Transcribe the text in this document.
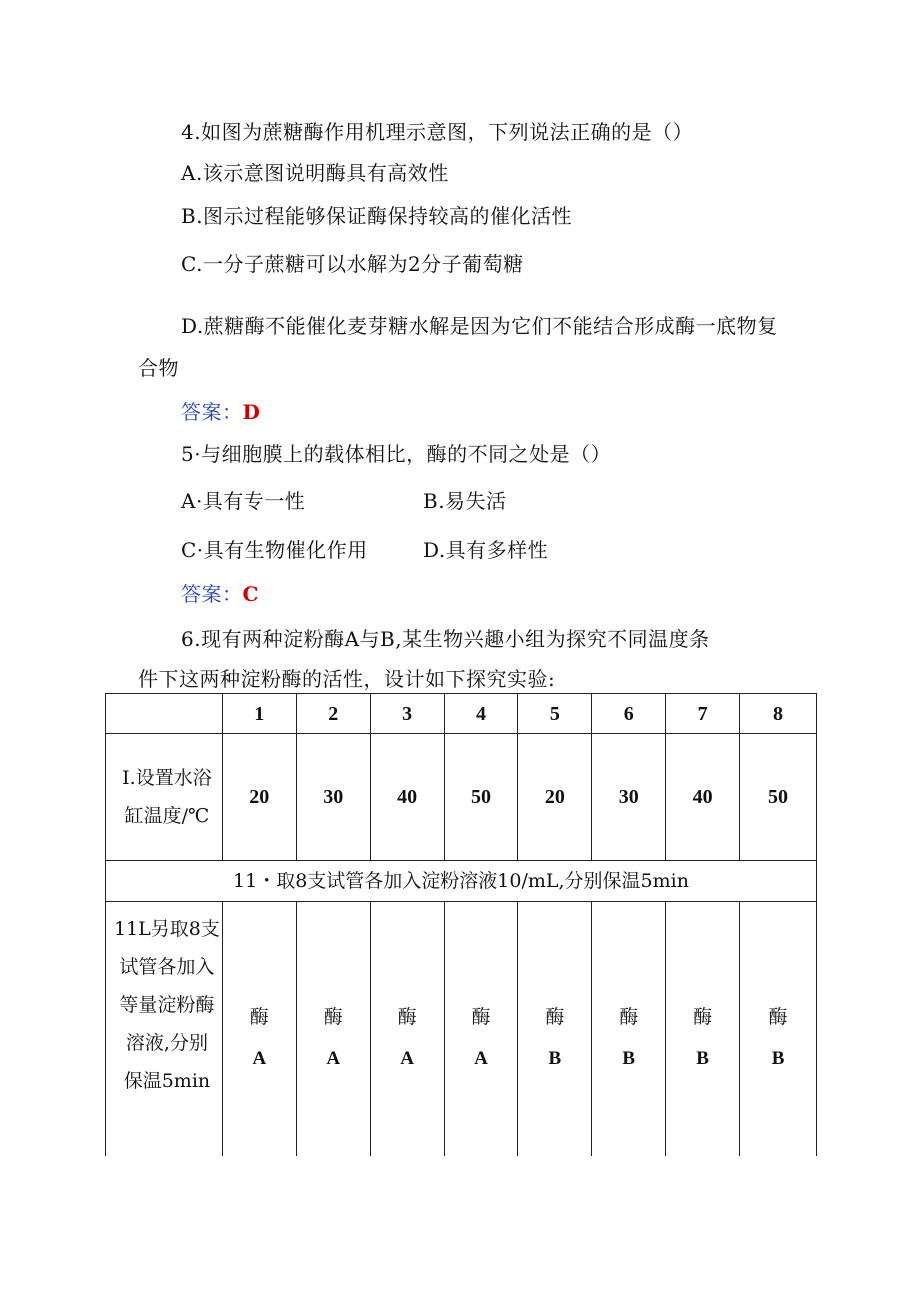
4.如图为蔗糖酶作用机理示意图，下列说法正确的是（）
A.该示意图说明酶具有高效性
B.图示过程能够保证酶保持较高的催化活性
C.一分子蔗糖可以水解为2分子葡萄糖
D.蔗糖酶不能催化麦芽糖水解是因为它们不能结合形成酶一底物复
合物
答案：D
5·与细胞膜上的载体相比，酶的不同之处是（）
A·具有专一性	B.易失活
C·具有生物催化作用	D.具有多样性
答案：C
6.现有两种淀粉酶A与B,某生物兴趣小组为探究不同温度条
件下这两种淀粉酶的活性，设计如下探究实验:
	1	2	3	4	5	6	7	8

I.设置水浴
缸温度/℃	20	30	40	50	20	30	40	50
11・取8支试管各加入淀粉溶液10∕mL,分别保温5min								

11L另取8支
试管各加入
等量淀粉酶
溶液,分别
保温5min	酶
A	酶
A	酶
A	酶
A	酶
B	酶
B	酶
B	酶
B
